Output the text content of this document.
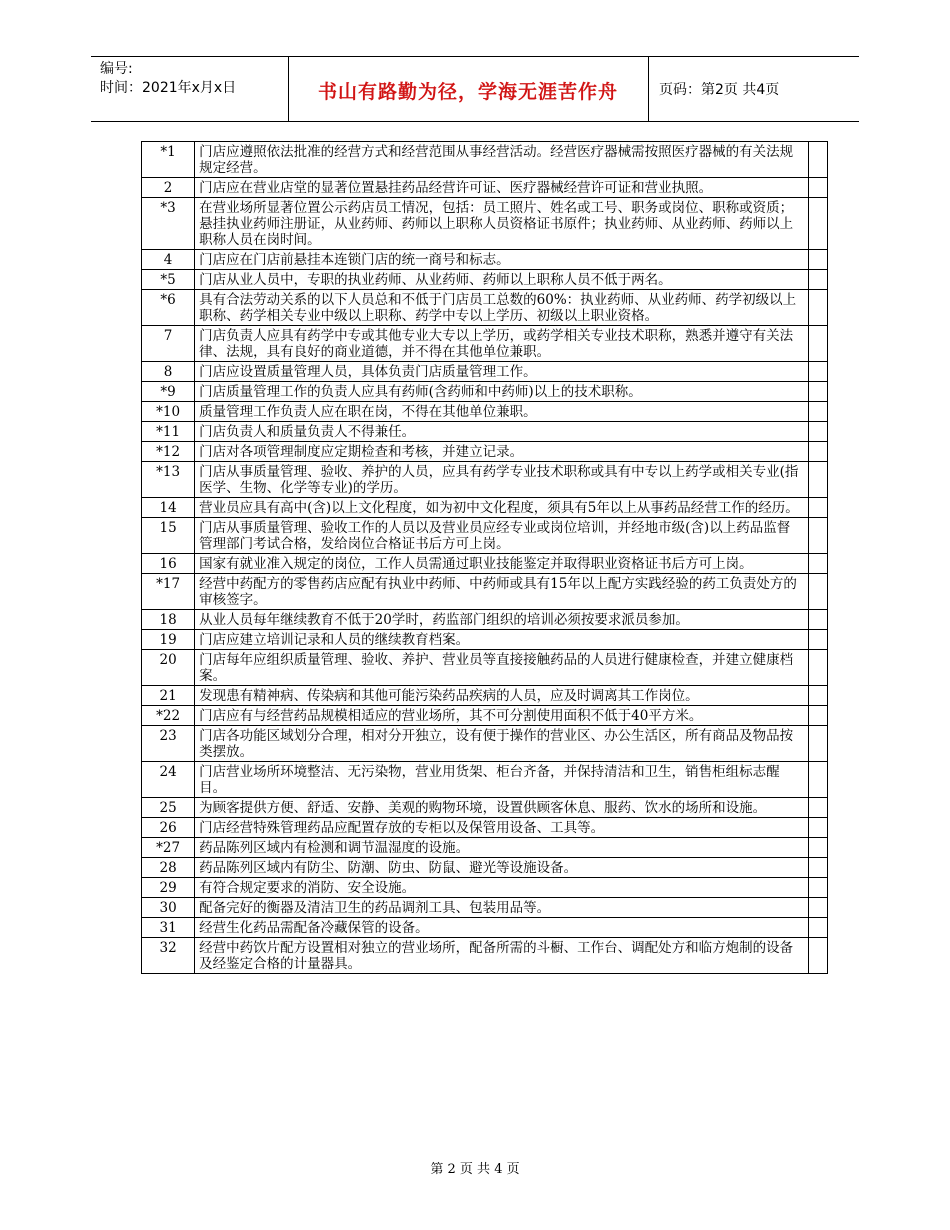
编号:
时间：2021年x月x日	书山有路勤为径，学海无涯苦作舟	页码：第2页 共4页
*1	门店应遵照依法批准的经营方式和经营范围从事经营活动。经营医疗器械需按照医疗器械的有关法规规定经营。	
2	门店应在营业店堂的显著位置悬挂药品经营许可证、医疗器械经营许可证和营业执照。	
*3	在营业场所显著位置公示药店员工情况，包括：员工照片、姓名或工号、职务或岗位、职称或资质；悬挂执业药师注册证，从业药师、药师以上职称人员资格证书原件；执业药师、从业药师、药师以上职称人员在岗时间。	
4	门店应在门店前悬挂本连锁门店的统一商号和标志。	
*5	门店从业人员中，专职的执业药师、从业药师、药师以上职称人员不低于两名。	
*6	具有合法劳动关系的以下人员总和不低于门店员工总数的60%：执业药师、从业药师、药学初级以上职称、药学相关专业中级以上职称、药学中专以上学历、初级以上职业资格。	
7	门店负责人应具有药学中专或其他专业大专以上学历，或药学相关专业技术职称，熟悉并遵守有关法律、法规，具有良好的商业道德，并不得在其他单位兼职。	
8	门店应设置质量管理人员，具体负责门店质量管理工作。	
*9	门店质量管理工作的负责人应具有药师(含药师和中药师)以上的技术职称。	
*10	质量管理工作负责人应在职在岗，不得在其他单位兼职。	
*11	门店负责人和质量负责人不得兼任。	
*12	门店对各项管理制度应定期检查和考核，并建立记录。	
*13	门店从事质量管理、验收、养护的人员，应具有药学专业技术职称或具有中专以上药学或相关专业(指医学、生物、化学等专业)的学历。	
14	营业员应具有高中(含)以上文化程度，如为初中文化程度，须具有5年以上从事药品经营工作的经历。	
15	门店从事质量管理、验收工作的人员以及营业员应经专业或岗位培训，并经地市级(含)以上药品监督管理部门考试合格，发给岗位合格证书后方可上岗。	
16	国家有就业准入规定的岗位，工作人员需通过职业技能鉴定并取得职业资格证书后方可上岗。	
*17	经营中药配方的零售药店应配有执业中药师、中药师或具有15年以上配方实践经验的药工负责处方的审核签字。	
18	从业人员每年继续教育不低于20学时，药监部门组织的培训必须按要求派员参加。	
19	门店应建立培训记录和人员的继续教育档案。	
20	门店每年应组织质量管理、验收、养护、营业员等直接接触药品的人员进行健康检查，并建立健康档案。	
21	发现患有精神病、传染病和其他可能污染药品疾病的人员，应及时调离其工作岗位。	
*22	门店应有与经营药品规模相适应的营业场所，其不可分割使用面积不低于40平方米。	
23	门店各功能区域划分合理，相对分开独立，设有便于操作的营业区、办公生活区，所有商品及物品按类摆放。	
24	门店营业场所环境整洁、无污染物，营业用货架、柜台齐备，并保持清洁和卫生，销售柜组标志醒目。	
25	为顾客提供方便、舒适、安静、美观的购物环境，设置供顾客休息、服药、饮水的场所和设施。	
26	门店经营特殊管理药品应配置存放的专柜以及保管用设备、工具等。	
*27	药品陈列区域内有检测和调节温湿度的设施。	
28	药品陈列区域内有防尘、防潮、防虫、防鼠、避光等设施设备。	
29	有符合规定要求的消防、安全设施。	
30	配备完好的衡器及清洁卫生的药品调剂工具、包装用品等。	
31	经营生化药品需配备冷藏保管的设备。	
32	经营中药饮片配方设置相对独立的营业场所，配备所需的斗橱、工作台、调配处方和临方炮制的设备及经鉴定合格的计量器具。	
第 2 页 共 4 页
